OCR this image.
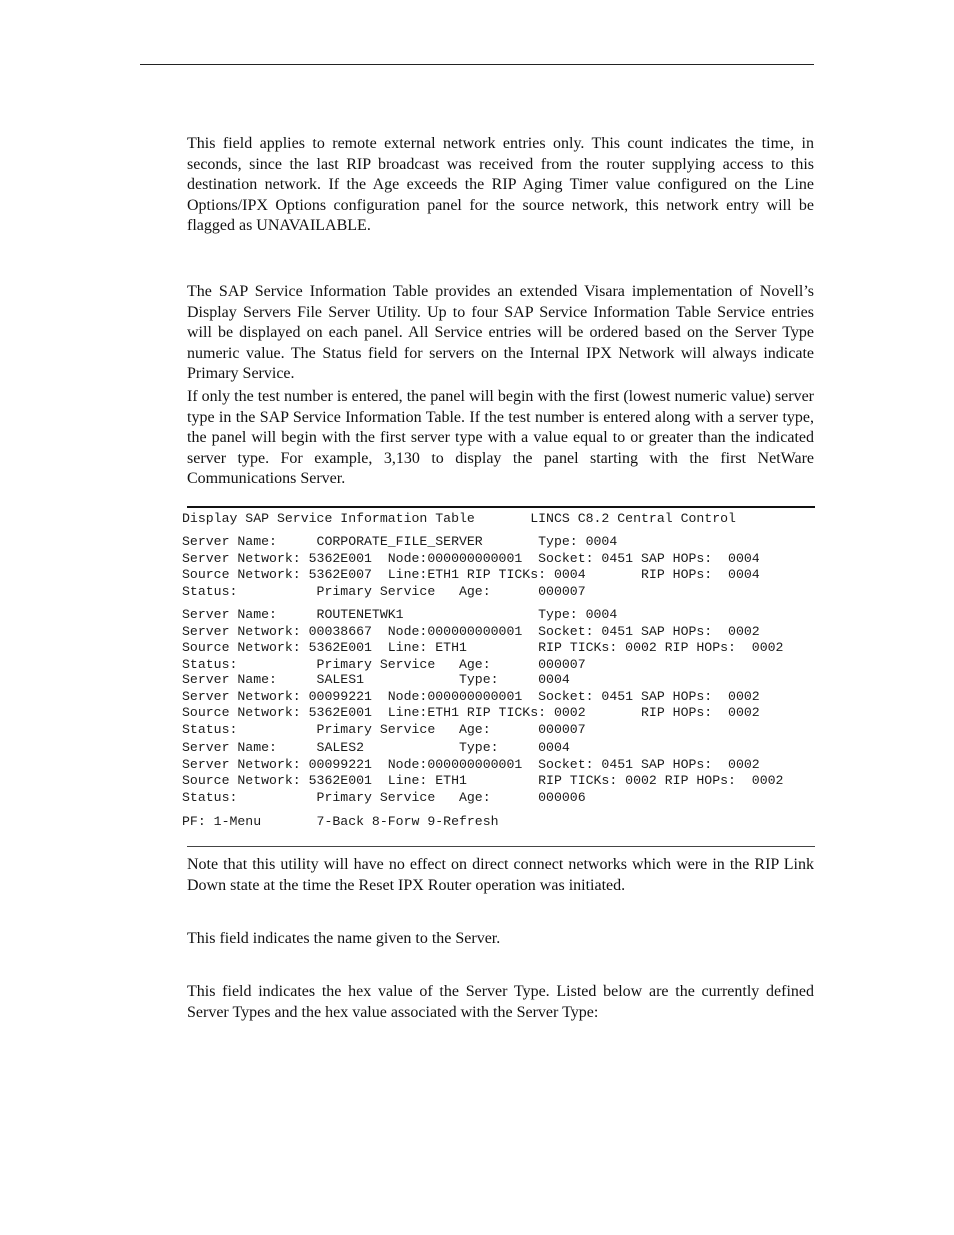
This field applies to remote external network entries only. This count indicates the time, in seconds, since the last RIP broadcast was received from the router supplying access to this destination network. If the Age exceeds the RIP Aging Timer value configured on the Line Options/IPX Options configuration panel for the source network, this network entry will be flagged as UNAVAILABLE.

The SAP Service Information Table provides an extended Visara implementation of Novell’s Display Servers File Server Utility. Up to four SAP Service Information Table Service entries will be displayed on each panel. All Service entries will be ordered based on the Server Type numeric value. The Status field for servers on the Internal IPX Network will always indicate Primary Service.

If only the test number is entered, the panel will begin with the first (lowest numeric value) server type in the SAP Service Information Table. If the test number is entered along with a server type, the panel will begin with the first server type with a value equal to or greater than the indicated server type. For example, 3,130 to display the panel starting with the first NetWare Communications Server.

Display SAP Service Information Table       LINCS C8.2 Central Control
Server Name:     CORPORATE_FILE_SERVER       Type: 0004
Server Network: 5362E001  Node:000000000001  Socket: 0451 SAP HOPs:  0004
Source Network: 5362E007  Line:ETH1 RIP TICKs: 0004       RIP HOPs:  0004
Status:          Primary Service   Age:      000007
Server Name:     ROUTENETWK1                 Type: 0004
Server Network: 00038667  Node:000000000001  Socket: 0451 SAP HOPs:  0002
Source Network: 5362E001  Line: ETH1         RIP TICKs: 0002 RIP HOPs:  0002
Status:          Primary Service   Age:      000007
Server Name:     SALES1            Type:     0004
Server Network: 00099221  Node:000000000001  Socket: 0451 SAP HOPs:  0002
Source Network: 5362E001  Line:ETH1 RIP TICKs: 0002       RIP HOPs:  0002
Status:          Primary Service   Age:      000007
Server Name:     SALES2            Type:     0004
Server Network: 00099221  Node:000000000001  Socket: 0451 SAP HOPs:  0002
Source Network: 5362E001  Line: ETH1         RIP TICKs: 0002 RIP HOPs:  0002
Status:          Primary Service   Age:      000006
PF: 1-Menu       7-Back 8-Forw 9-Refresh

Note that this utility will have no effect on direct connect networks which were in the RIP Link Down state at the time the Reset IPX Router operation was initiated.

This field indicates the name given to the Server.

This field indicates the hex value of the Server Type. Listed below are the currently defined Server Types and the hex value associated with the Server Type:
